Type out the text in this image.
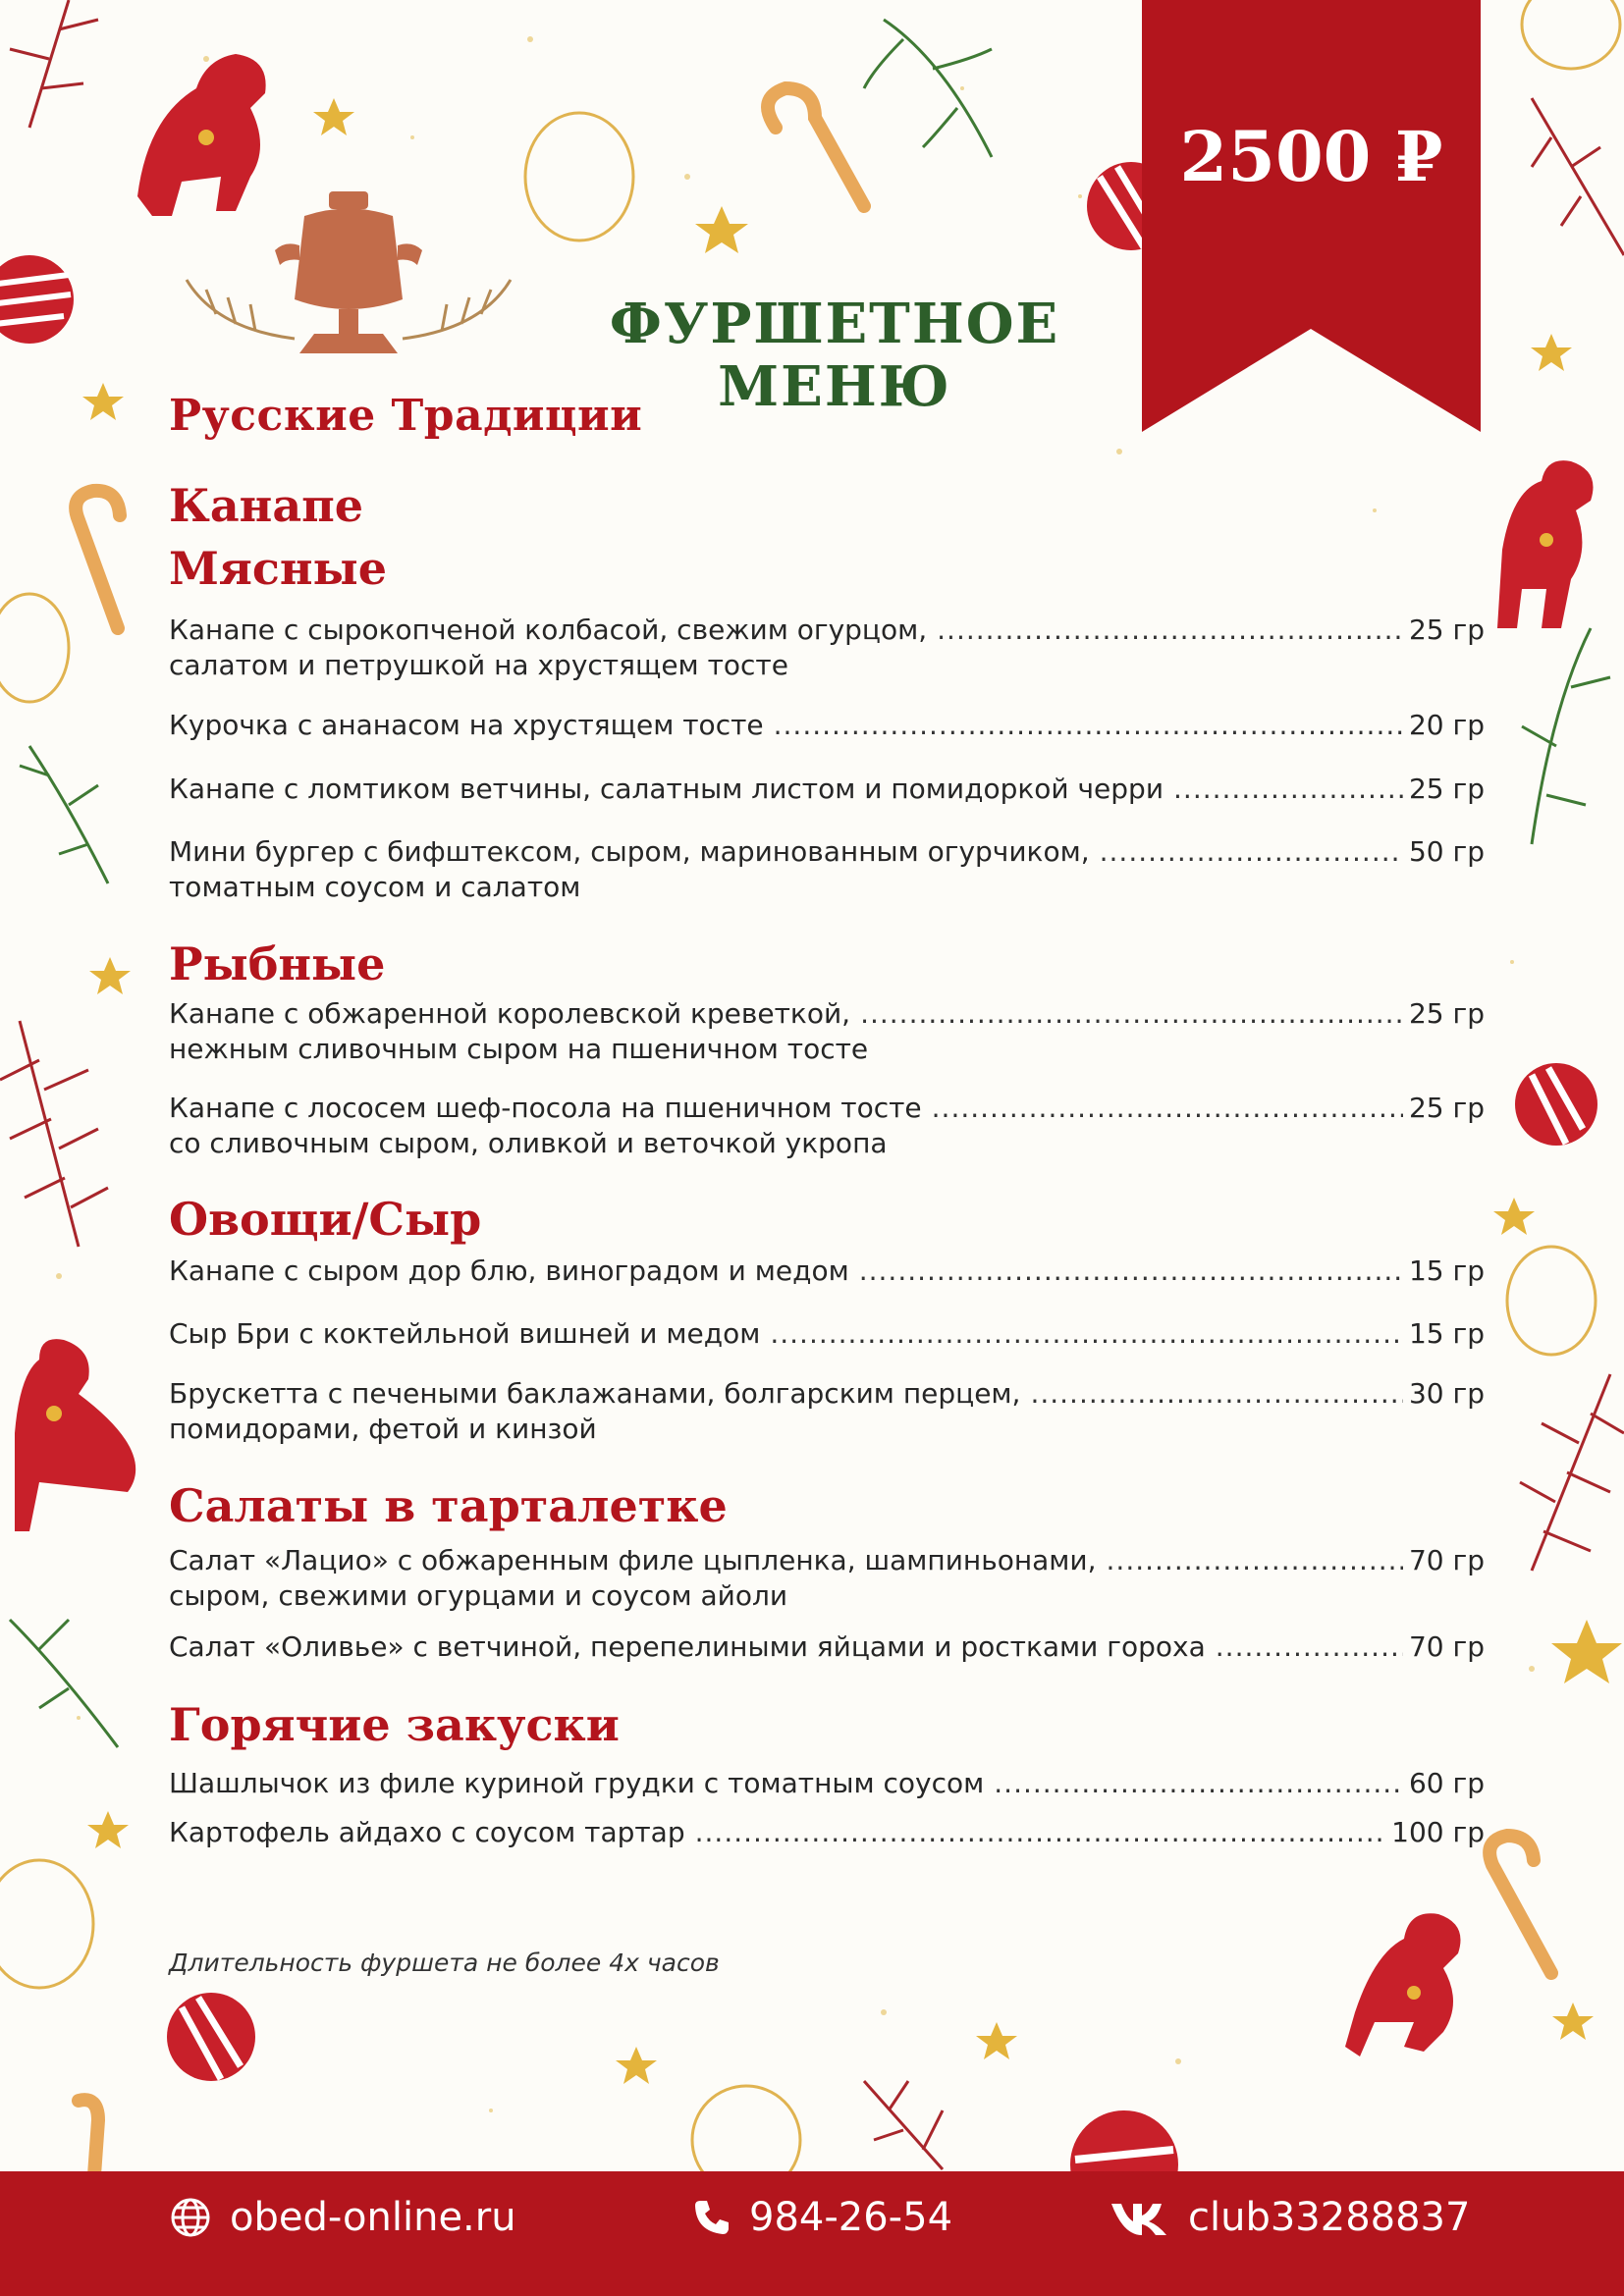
Русские Традиции
ФУРШЕТНОЕ
МЕНЮ
2500 ₽
Канапе
Мясные
Канапе с сырокопченой колбасой, свежим огурцом, .....	25 гр
салатом и петрушкой на хрустящем тосте
Курочка с ананасом на хрустящем тосте .....	20 гр
Канапе с ломтиком ветчины, салатным листом и помидоркой черри .....	25 гр
Мини бургер с бифштексом, сыром, маринованным огурчиком, .....	50 гр
томатным соусом и салатом
Рыбные
Канапе с обжаренной королевской креветкой, .....	25 гр
нежным сливочным сыром на пшеничном тосте
Канапе с лососем шеф-посола на пшеничном тосте .....	25 гр
со сливочным сыром, оливкой и веточкой укропа
Овощи/Сыр
Канапе с сыром дор блю, виноградом и медом .....	15 гр
Сыр Бри с коктейльной вишней и медом .....	15 гр
Брускетта с печеными баклажанами, болгарским перцем, .....	30 гр
помидорами, фетой и кинзой
Салаты в тарталетке
Салат «Лацио» с обжаренным филе цыпленка, шампиньонами, .....	70 гр
сыром, свежими огурцами и соусом айоли
Салат «Оливье» с ветчиной, перепелиными яйцами и ростками гороха .....	70 гр
Горячие закуски
Шашлычок из филе куриной грудки с томатным соусом .....	60 гр
Картофель айдахо с соусом тартар .....	100 гр
Длительность фуршета не более 4х часов
obed-online.ru	984-26-54	club33288837
